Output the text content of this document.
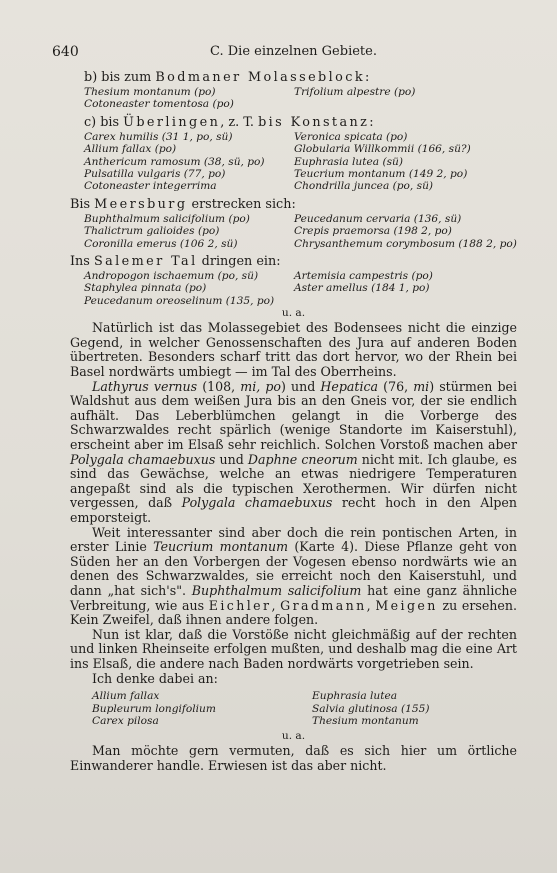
640	C. Die einzelnen Gebiete.
b) bis zum Bodmaner Molasseblock:
Thesium montanum (po)	Trifolium alpestre (po)
Cotoneaster tomentosa (po)
c) bis Überlingen, z. T. bis Konstanz:
Carex humilis (31 1, po, sü)	Veronica spicata (po)
Allium fallax (po)	Globularia Willkommii (166, sü?)
Anthericum ramosum (38, sü, po)	Euphrasia lutea (sü)
Pulsatilla vulgaris (77, po)	Teucrium montanum (149 2, po)
Cotoneaster integerrima	Chondrilla juncea (po, sü)
Bis Meersburg erstrecken sich:
Buphthalmum salicifolium (po)	Peucedanum cervaria (136, sü)
Thalictrum galioides (po)	Crepis praemorsa (198 2, po)
Coronilla emerus (106 2, sü)	Chrysanthemum corymbosum (188 2, po)
Ins Salemer Tal dringen ein:
Andropogon ischaemum (po, sü)	Artemisia campestris (po)
Staphylea pinnata (po)	Aster amellus (184 1, po)
Peucedanum oreoselinum (135, po)
u. a.

Natürlich ist das Molassegebiet des Bodensees nicht die einzige Gegend, in welcher Genossenschaften des Jura auf anderen Boden übertreten. Besonders scharf tritt das dort hervor, wo der Rhein bei Basel nordwärts umbiegt — im Tal des Oberrheins.

Lathyrus vernus (108, mi, po) und Hepatica (76, mi) stürmen bei Waldshut aus dem weißen Jura bis an den Gneis vor, der sie endlich aufhält. Das Leberblümchen gelangt in die Vorberge des Schwarzwaldes recht spärlich (wenige Standorte im Kaiserstuhl), erscheint aber im Elsaß sehr reichlich. Solchen Vorstoß machen aber Polygala chamaebuxus und Daphne cneorum nicht mit. Ich glaube, es sind das Gewächse, welche an etwas niedrigere Temperaturen angepaßt sind als die typischen Xerothermen. Wir dürfen nicht vergessen, daß Polygala chamaebuxus recht hoch in den Alpen emporsteigt.

Weit interessanter sind aber doch die rein pontischen Arten, in erster Linie Teucrium montanum (Karte 4). Diese Pflanze geht von Süden her an den Vorbergen der Vogesen ebenso nordwärts wie an denen des Schwarzwaldes, sie erreicht noch den Kaiserstuhl, und dann „hat sich's". Buphthalmum salicifolium hat eine ganz ähnliche Verbreitung, wie aus Eichler, Gradmann, Meigen zu ersehen. Kein Zweifel, daß ihnen andere folgen.

Nun ist klar, daß die Vorstöße nicht gleichmäßig auf der rechten und linken Rheinseite erfolgen mußten, und deshalb mag die eine Art ins Elsaß, die andere nach Baden nordwärts vorgetrieben sein.

Ich denke dabei an:

Allium fallax	Euphrasia lutea
Bupleurum longifolium	Salvia glutinosa (155)
Carex pilosa	Thesium montanum
u. a.

Man möchte gern vermuten, daß es sich hier um örtliche Einwanderer handle. Erwiesen ist das aber nicht.
